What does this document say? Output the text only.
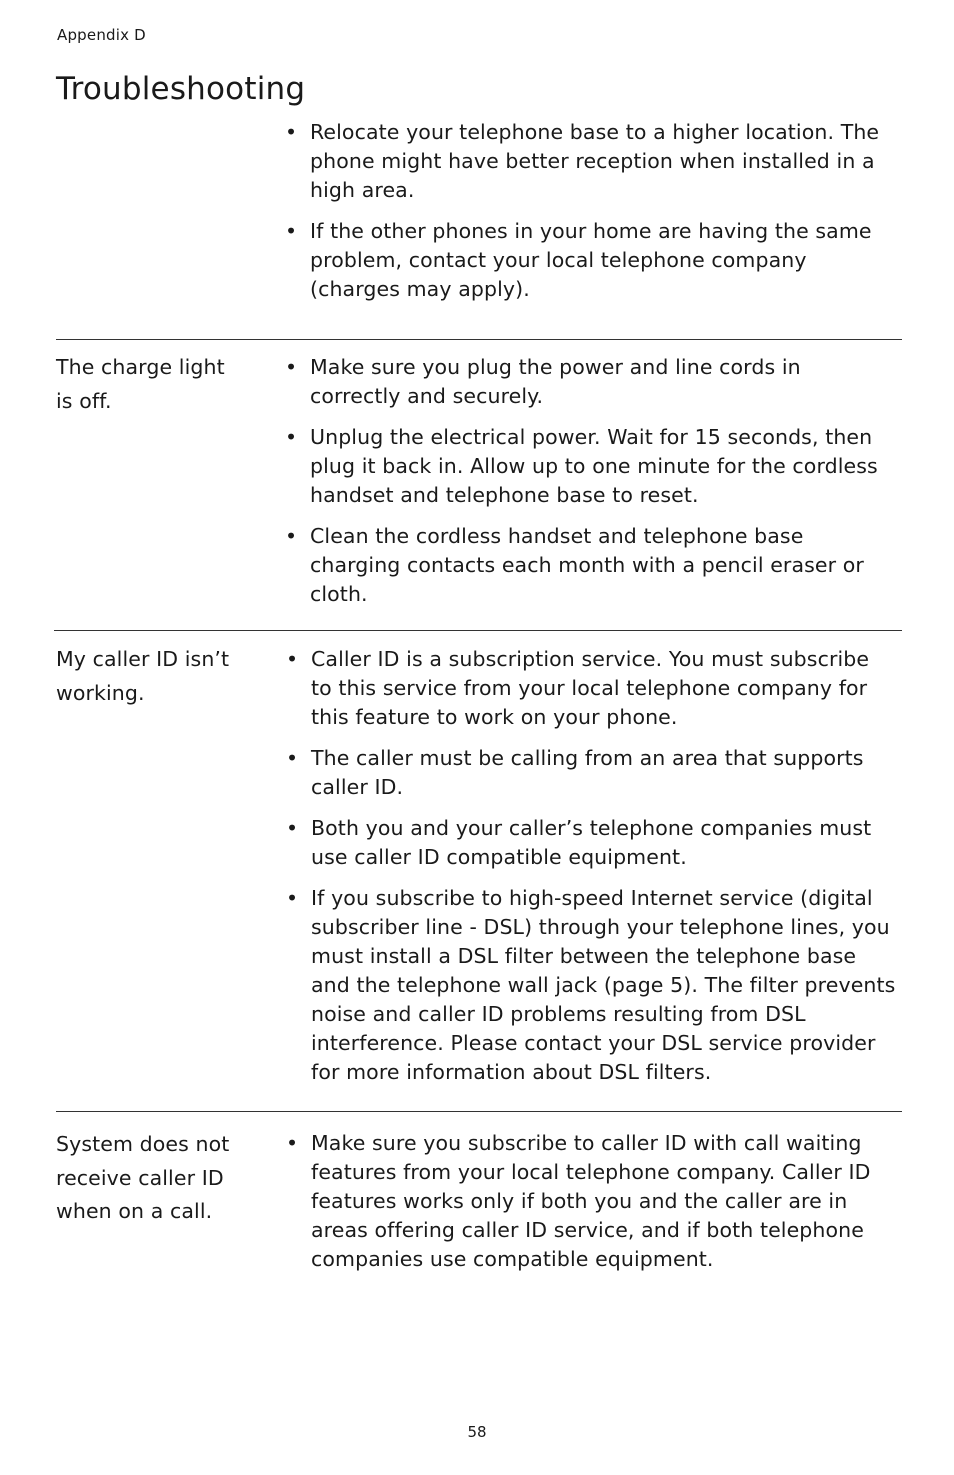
Appendix D
Troubleshooting
• Relocate your telephone base to a higher location. The phone might have better reception when installed in a high area.
• If the other phones in your home are having the same problem, contact your local telephone company (charges may apply).
The charge light is off.
• Make sure you plug the power and line cords in correctly and securely.
• Unplug the electrical power. Wait for 15 seconds, then plug it back in. Allow up to one minute for the cordless handset and telephone base to reset.
• Clean the cordless handset and telephone base charging contacts each month with a pencil eraser or cloth.
My caller ID isn’t working.
• Caller ID is a subscription service. You must subscribe to this service from your local telephone company for this feature to work on your phone.
• The caller must be calling from an area that supports caller ID.
• Both you and your caller’s telephone companies must use caller ID compatible equipment.
• If you subscribe to high-speed Internet service (digital subscriber line - DSL) through your telephone lines, you must install a DSL filter between the telephone base and the telephone wall jack (page 5). The filter prevents noise and caller ID problems resulting from DSL interference. Please contact your DSL service provider for more information about DSL filters.
System does not receive caller ID when on a call.
• Make sure you subscribe to caller ID with call waiting features from your local telephone company. Caller ID features works only if both you and the caller are in areas offering caller ID service, and if both telephone companies use compatible equipment.
58
